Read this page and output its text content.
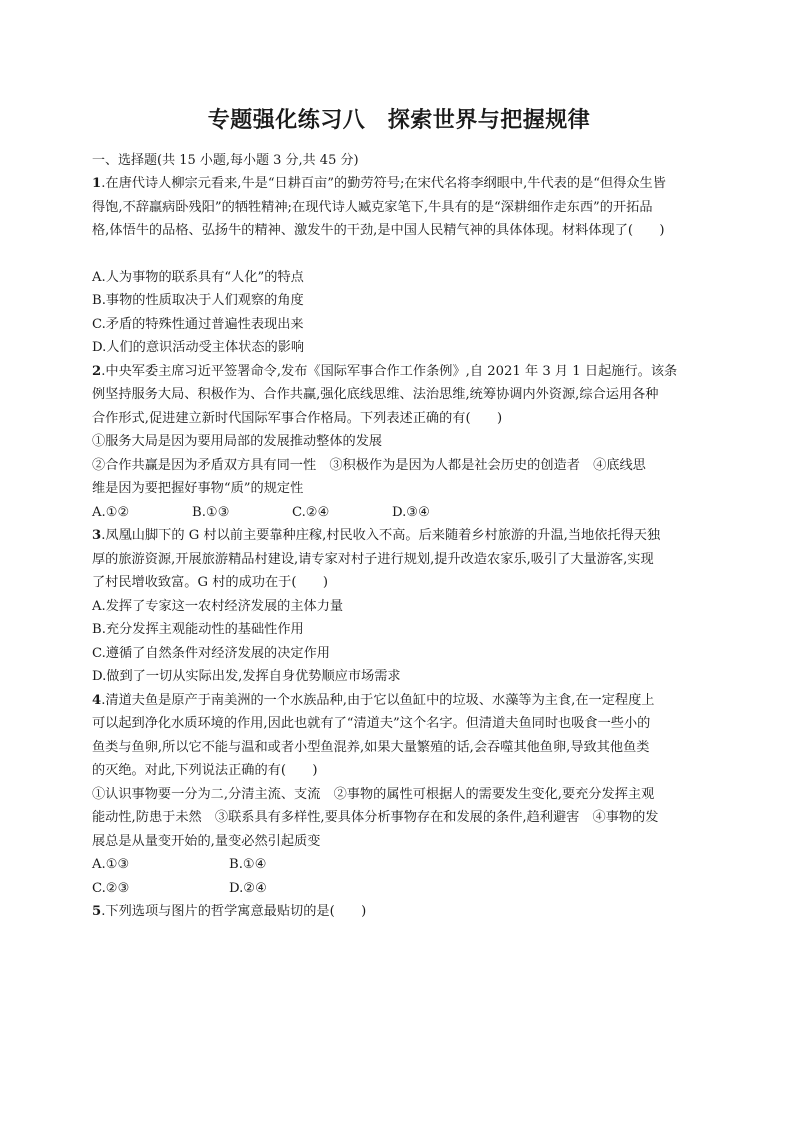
专题强化练习八　探索世界与把握规律
一、选择题(共 15 小题,每小题 3 分,共 45 分)
1.在唐代诗人柳宗元看来,牛是“日耕百亩”的勤劳符号;在宋代名将李纲眼中,牛代表的是“但得众生皆
得饱,不辞羸病卧残阳”的牺牲精神;在现代诗人臧克家笔下,牛具有的是“深耕细作走东西”的开拓品
格,体悟牛的品格、弘扬牛的精神、激发牛的干劲,是中国人民精气神的具体体现。材料体现了(　　)
A.人为事物的联系具有“人化”的特点
B.事物的性质取决于人们观察的角度
C.矛盾的特殊性通过普遍性表现出来
D.人们的意识活动受主体状态的影响
2.中央军委主席习近平签署命令,发布《国际军事合作工作条例》,自 2021 年 3 月 1 日起施行。该条
例坚持服务大局、积极作为、合作共赢,强化底线思维、法治思维,统筹协调内外资源,综合运用各种
合作形式,促进建立新时代国际军事合作格局。下列表述正确的有(　　)
①服务大局是因为要用局部的发展推动整体的发展
②合作共赢是因为矛盾双方具有同一性　③积极作为是因为人都是社会历史的创造者　④底线思
维是因为要把握好事物“质”的规定性
A.①②	B.①③	C.②④	D.③④
3.凤凰山脚下的 G 村以前主要靠种庄稼,村民收入不高。后来随着乡村旅游的升温,当地依托得天独
厚的旅游资源,开展旅游精品村建设,请专家对村子进行规划,提升改造农家乐,吸引了大量游客,实现
了村民增收致富。G 村的成功在于(　　)
A.发挥了专家这一农村经济发展的主体力量
B.充分发挥主观能动性的基础性作用
C.遵循了自然条件对经济发展的决定作用
D.做到了一切从实际出发,发挥自身优势顺应市场需求
4.清道夫鱼是原产于南美洲的一个水族品种,由于它以鱼缸中的垃圾、水藻等为主食,在一定程度上
可以起到净化水质环境的作用,因此也就有了“清道夫”这个名字。但清道夫鱼同时也吸食一些小的
鱼类与鱼卵,所以它不能与温和或者小型鱼混养,如果大量繁殖的话,会吞噬其他鱼卵,导致其他鱼类
的灭绝。对此,下列说法正确的有(　　)
①认识事物要一分为二,分清主流、支流　②事物的属性可根据人的需要发生变化,要充分发挥主观
能动性,防患于未然　③联系具有多样性,要具体分析事物存在和发展的条件,趋利避害　④事物的发
展总是从量变开始的,量变必然引起质变
A.①③	B.①④
C.②③	D.②④
5.下列选项与图片的哲学寓意最贴切的是(　　)
